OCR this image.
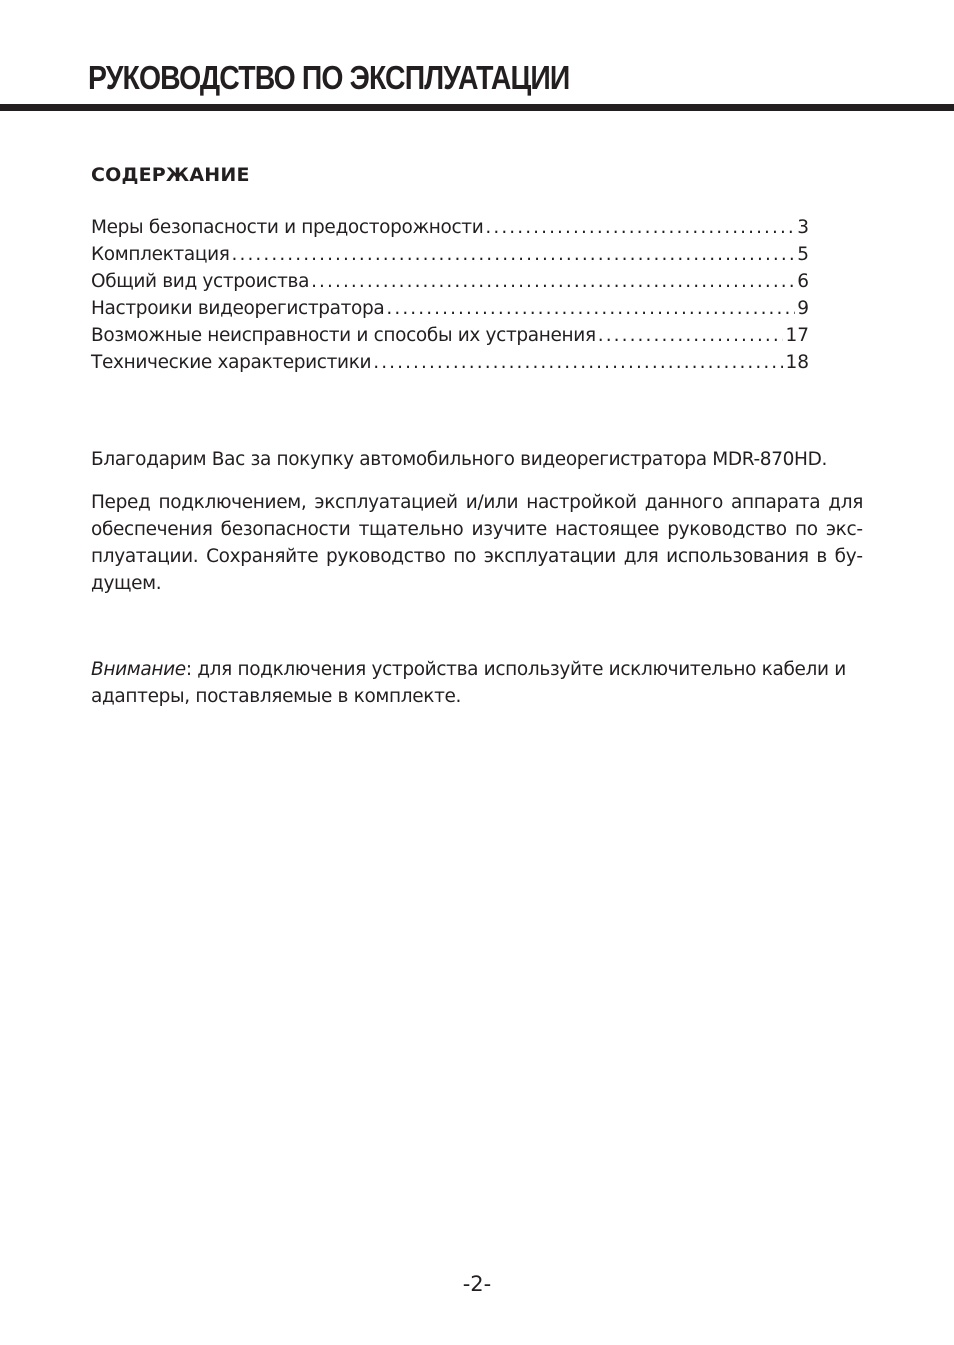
РУКОВОДСТВО ПО ЭКСПЛУАТАЦИИ
СОДЕРЖАНИЕ
Меры безопасности и предосторожности . . .	3
Комплектация . . .	5
Общий вид устроиства . . .	6
Настроики видеорегистратора . . .	9
Возможные неисправности и способы их устранения . . .	17
Технические характеристики . . .	18

Благодарим Вас за покупку автомобильного видеорегистратора MDR-870HD.

Перед подключением, эксплуатацией и/или настройкой данного аппарата для обеспечения безопасности тщательно изучите настоящее руководство по эксплуатации. Сохраняйте руководство по эксплуатации для использования в будущем.

Внимание: для подключения устройства используйте исключительно кабели и адаптеры, поставляемые в комплекте.

-2-
